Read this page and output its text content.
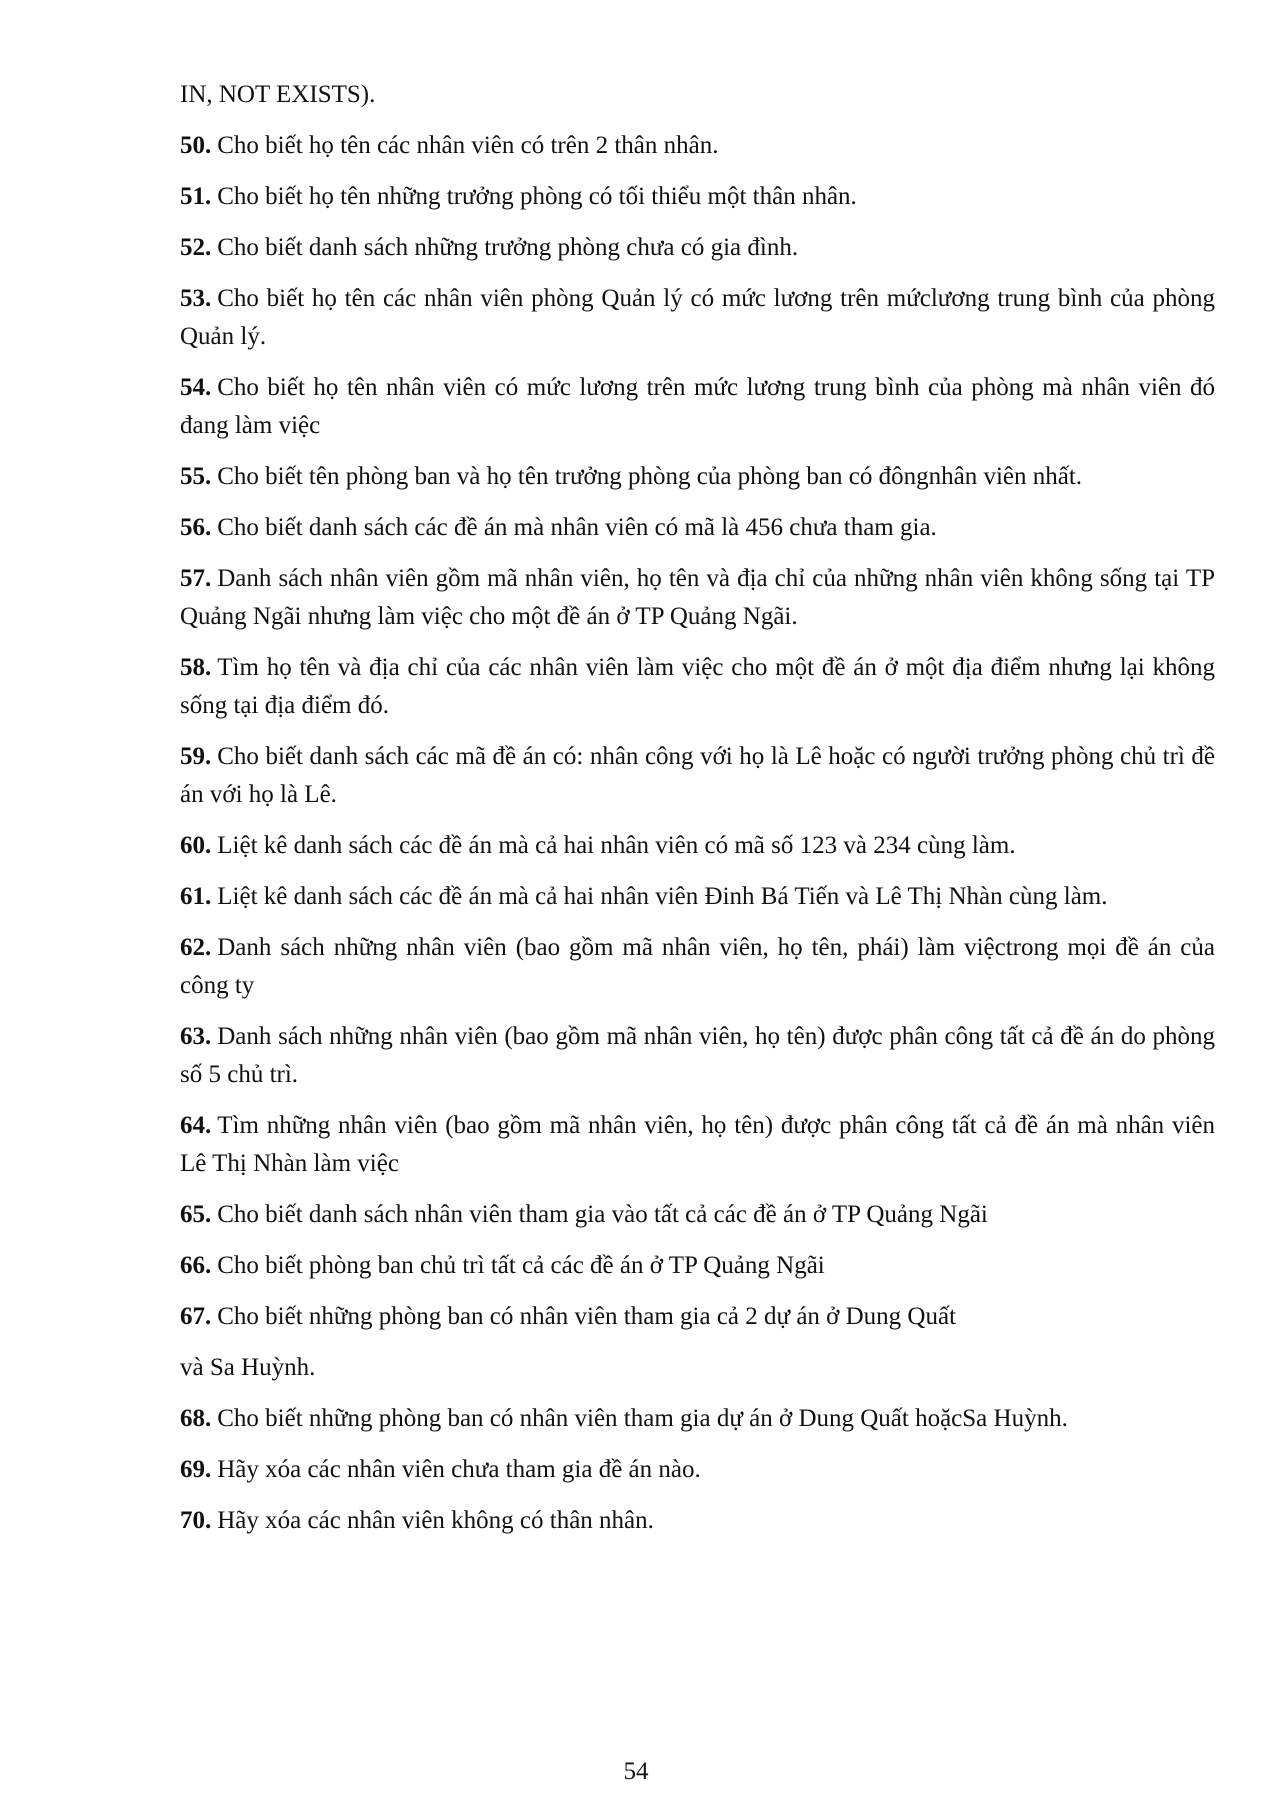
IN, NOT EXISTS).
50. Cho biết họ tên các nhân viên có trên 2 thân nhân.
51. Cho biết họ tên những trưởng phòng có tối thiểu một thân nhân.
52. Cho biết danh sách những trưởng phòng chưa có gia đình.
53. Cho biết họ tên các nhân viên phòng Quản lý có mức lương trên mứclương trung bình của phòng Quản lý.
54. Cho biết họ tên nhân viên có mức lương trên mức lương trung bình của phòng mà nhân viên đó đang làm việc
55. Cho biết tên phòng ban và họ tên trưởng phòng của phòng ban có đôngnhân viên nhất.
56. Cho biết danh sách các đề án mà nhân viên có mã là 456 chưa tham gia.
57. Danh sách nhân viên gồm mã nhân viên, họ tên và địa chỉ của những nhân viên không sống tại TP Quảng Ngãi nhưng làm việc cho một đề án ở TP Quảng Ngãi.
58. Tìm họ tên và địa chỉ của các nhân viên làm việc cho một đề án ở một địa điểm nhưng lại không sống tại địa điểm đó.
59. Cho biết danh sách các mã đề án có: nhân công với họ là Lê hoặc có người trưởng phòng chủ trì đề án với họ là Lê.
60. Liệt kê danh sách các đề án mà cả hai nhân viên có mã số 123 và 234 cùng làm.
61. Liệt kê danh sách các đề án mà cả hai nhân viên Đinh Bá Tiến và Lê Thị Nhàn cùng làm.
62. Danh sách những nhân viên (bao gồm mã nhân viên, họ tên, phái) làm việctrong mọi đề án của công ty
63. Danh sách những nhân viên (bao gồm mã nhân viên, họ tên) được phân công tất cả đề án do phòng số 5 chủ trì.
64. Tìm những nhân viên (bao gồm mã nhân viên, họ tên) được phân công tất cả đề án mà nhân viên Lê Thị Nhàn làm việc
65. Cho biết danh sách nhân viên tham gia vào tất cả các đề án ở TP Quảng Ngãi
66. Cho biết phòng ban chủ trì tất cả các đề án ở TP Quảng Ngãi
67. Cho biết những phòng ban có nhân viên tham gia cả 2 dự án ở Dung Quất
và Sa Huỳnh.
68. Cho biết những phòng ban có nhân viên tham gia dự án ở Dung Quất hoặcSa Huỳnh.
69. Hãy xóa các nhân viên chưa tham gia đề án nào.
70. Hãy xóa các nhân viên không có thân nhân.
54
